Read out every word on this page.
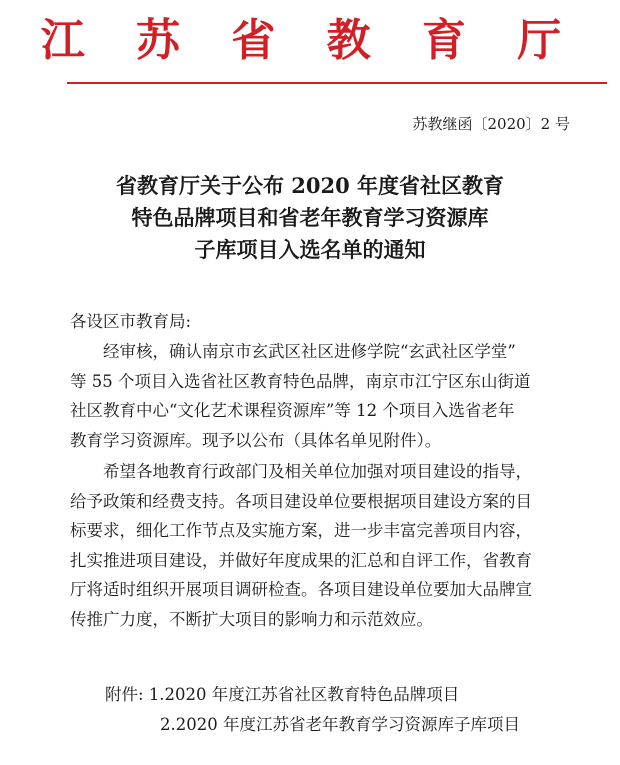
江 苏 省 教 育 厅
苏教继函〔2020〕2 号
省教育厅关于公布 2020 年度省社区教育
特色品牌项目和省老年教育学习资源库
子库项目入选名单的通知
各设区市教育局:
经审核，确认南京市玄武区社区进修学院“玄武社区学堂”
等 55 个项目入选省社区教育特色品牌，南京市江宁区东山街道
社区教育中心“文化艺术课程资源库”等 12 个项目入选省老年
教育学习资源库。现予以公布（具体名单见附件）。
希望各地教育行政部门及相关单位加强对项目建设的指导，
给予政策和经费支持。各项目建设单位要根据项目建设方案的目
标要求，细化工作节点及实施方案，进一步丰富完善项目内容，
扎实推进项目建设，并做好年度成果的汇总和自评工作，省教育
厅将适时组织开展项目调研检查。各项目建设单位要加大品牌宣
传推广力度，不断扩大项目的影响力和示范效应。
附件: 1.2020 年度江苏省社区教育特色品牌项目
2.2020 年度江苏省老年教育学习资源库子库项目
